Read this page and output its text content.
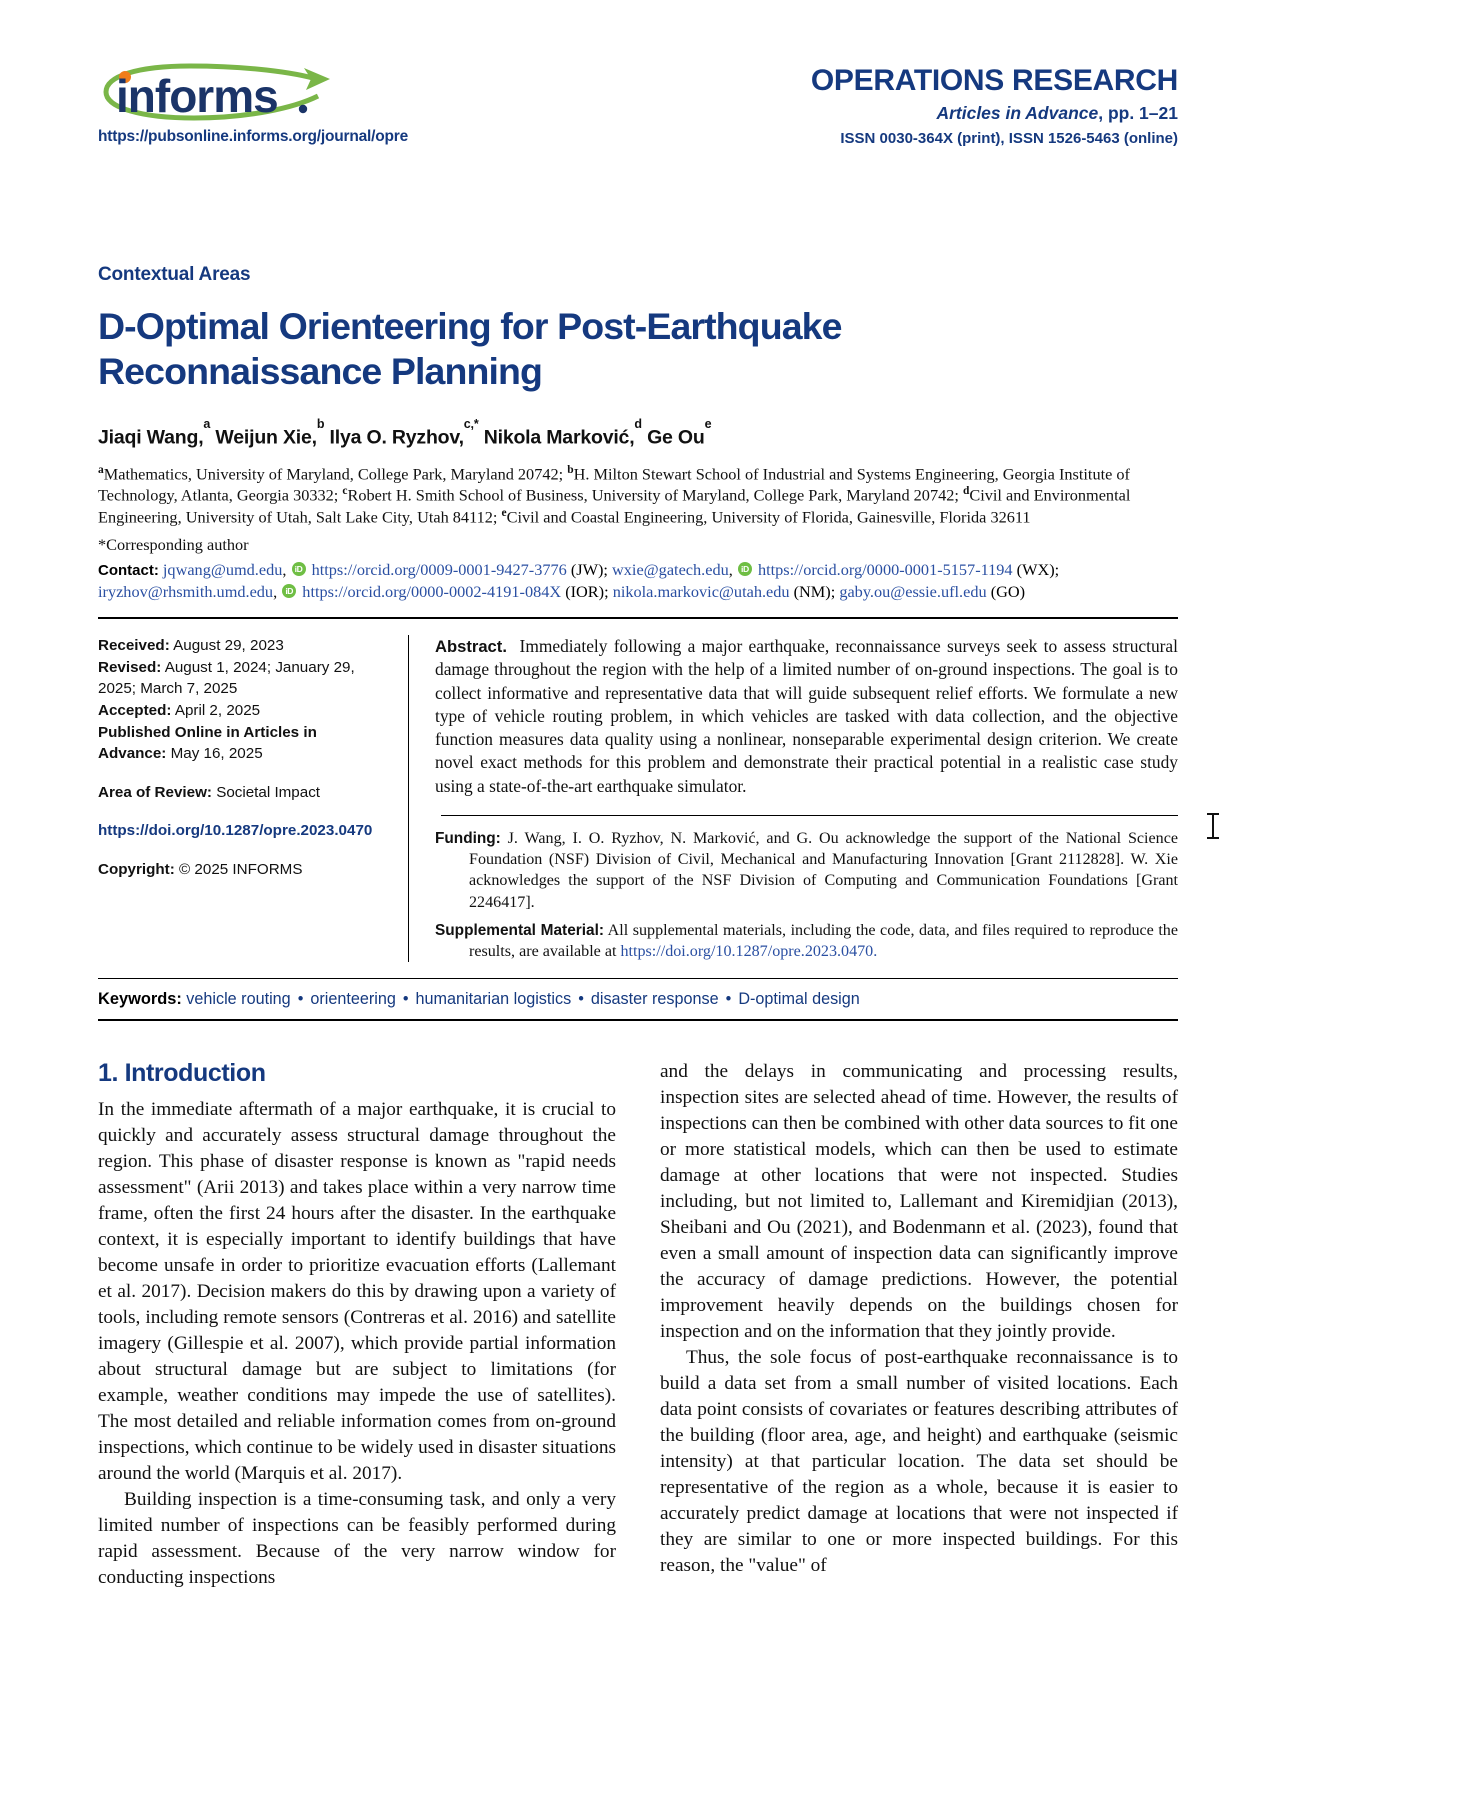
informs
https://pubsonline.informs.org/journal/opre
OPERATIONS RESEARCH
Articles in Advance, pp. 1–21
ISSN 0030-364X (print), ISSN 1526-5463 (online)
Contextual Areas
D-Optimal Orienteering for Post-Earthquake Reconnaissance Planning
Jiaqi Wang,$^a$ Weijun Xie,$^b$ Ilya O. Ryzhov,$^{c,*}$ Nikola Marković,$^d$ Ge Ou$^e$
$^a$Mathematics, University of Maryland, College Park, Maryland 20742; $^b$H. Milton Stewart School of Industrial and Systems Engineering, Georgia Institute of Technology, Atlanta, Georgia 30332; $^c$Robert H. Smith School of Business, University of Maryland, College Park, Maryland 20742; $^d$Civil and Environmental Engineering, University of Utah, Salt Lake City, Utah 84112; $^e$Civil and Coastal Engineering, University of Florida, Gainesville, Florida 32611
*Corresponding author
Contact: jqwang@umd.edu, iD https://orcid.org/0009-0001-9427-3776 (JW); wxie@gatech.edu, iD https://orcid.org/0000-0001-5157-1194 (WX); iryzhov@rhsmith.umd.edu, iD https://orcid.org/0000-0002-4191-084X (IOR); nikola.markovic@utah.edu (NM); gaby.ou@essie.ufl.edu (GO)
Received: August 29, 2023
Revised: August 1, 2024; January 29, 2025; March 7, 2025
Accepted: April 2, 2025
Published Online in Articles in Advance: May 16, 2025
Area of Review: Societal Impact
https://doi.org/10.1287/opre.2023.0470
Copyright: © 2025 INFORMS
Abstract. Immediately following a major earthquake, reconnaissance surveys seek to assess structural damage throughout the region with the help of a limited number of on-ground inspections. The goal is to collect informative and representative data that will guide subsequent relief efforts. We formulate a new type of vehicle routing problem, in which vehicles are tasked with data collection, and the objective function measures data quality using a nonlinear, nonseparable experimental design criterion. We create novel exact methods for this problem and demonstrate their practical potential in a realistic case study using a state-of-the-art earthquake simulator.

Funding: J. Wang, I. O. Ryzhov, N. Marković, and G. Ou acknowledge the support of the National Science Foundation (NSF) Division of Civil, Mechanical and Manufacturing Innovation [Grant 2112828]. W. Xie acknowledges the support of the NSF Division of Computing and Communication Foundations [Grant 2246417].

Supplemental Material: All supplemental materials, including the code, data, and files required to reproduce the results, are available at https://doi.org/10.1287/opre.2023.0470.

Keywords: vehicle routing • orienteering • humanitarian logistics • disaster response • D-optimal design
1. Introduction

In the immediate aftermath of a major earthquake, it is crucial to quickly and accurately assess structural damage throughout the region. This phase of disaster response is known as "rapid needs assessment" (Arii 2013) and takes place within a very narrow time frame, often the first 24 hours after the disaster. In the earthquake context, it is especially important to identify buildings that have become unsafe in order to prioritize evacuation efforts (Lallemant et al. 2017). Decision makers do this by drawing upon a variety of tools, including remote sensors (Contreras et al. 2016) and satellite imagery (Gillespie et al. 2007), which provide partial information about structural damage but are subject to limitations (for example, weather conditions may impede the use of satellites). The most detailed and reliable information comes from on-ground inspections, which continue to be widely used in disaster situations around the world (Marquis et al. 2017).

Building inspection is a time-consuming task, and only a very limited number of inspections can be feasibly performed during rapid assessment. Because of the very narrow window for conducting inspections

and the delays in communicating and processing results, inspection sites are selected ahead of time. However, the results of inspections can then be combined with other data sources to fit one or more statistical models, which can then be used to estimate damage at other locations that were not inspected. Studies including, but not limited to, Lallemant and Kiremidjian (2013), Sheibani and Ou (2021), and Bodenmann et al. (2023), found that even a small amount of inspection data can significantly improve the accuracy of damage predictions. However, the potential improvement heavily depends on the buildings chosen for inspection and on the information that they jointly provide.

Thus, the sole focus of post-earthquake reconnaissance is to build a data set from a small number of visited locations. Each data point consists of covariates or features describing attributes of the building (floor area, age, and height) and earthquake (seismic intensity) at that particular location. The data set should be representative of the region as a whole, because it is easier to accurately predict damage at locations that were not inspected if they are similar to one or more inspected buildings. For this reason, the "value" of
